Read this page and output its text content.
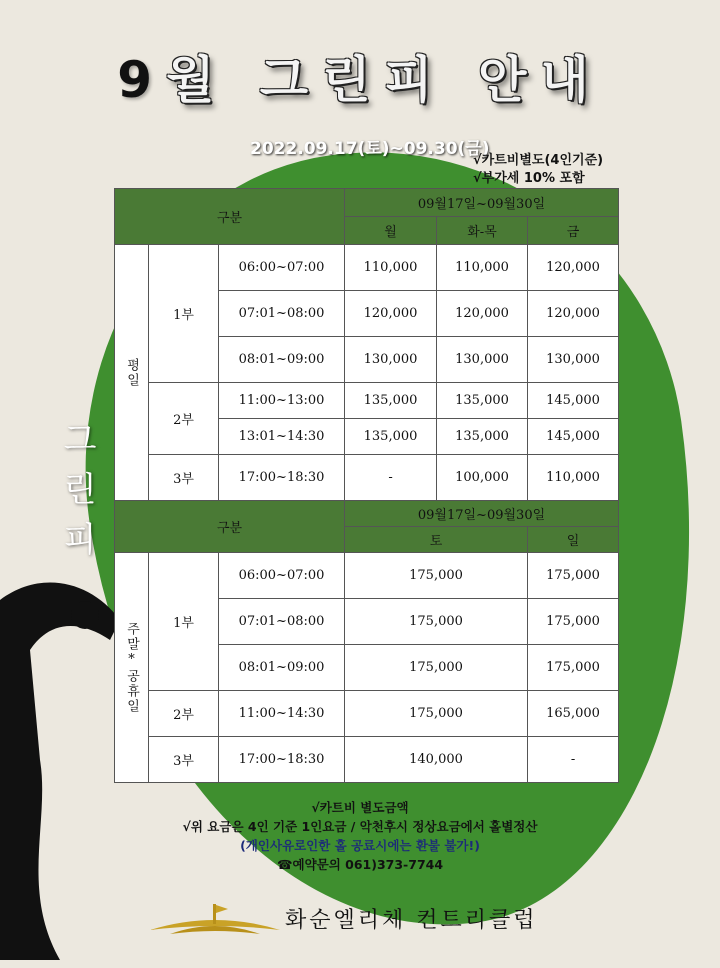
9월 그린피 안내
2022.09.17(토)~09.30(금)
√카트비별도(4인기준)
√부가세 10% 포함
그
린
피
구분			09월17일~09월30일		
			월	화-목	금

평일	1부	06:00~07:00	110,000	110,000	120,000
		07:01~08:00	120,000	120,000	120,000
		08:01~09:00	130,000	130,000	130,000
	2부	11:00~13:00	135,000	135,000	145,000
		13:01~14:30	135,000	135,000	145,000
	3부	17:00~18:30	-	100,000	110,000
구분			09월17일~09월30일		
			토		일

주말*공휴일	1부	06:00~07:00	175,000		175,000
		07:01~08:00	175,000		175,000
		08:01~09:00	175,000		175,000
	2부	11:00~14:30	175,000		165,000
	3부	17:00~18:30	140,000		-
√카트비 별도금액
√위 요금은 4인 기준 1인요금 / 악천후시 정상요금에서 홀별정산
(개인사유로인한 홀 공료시에는 환불 불가!)
☎예약문의 061)373-7744
화순엘리체 컨트리클럽
